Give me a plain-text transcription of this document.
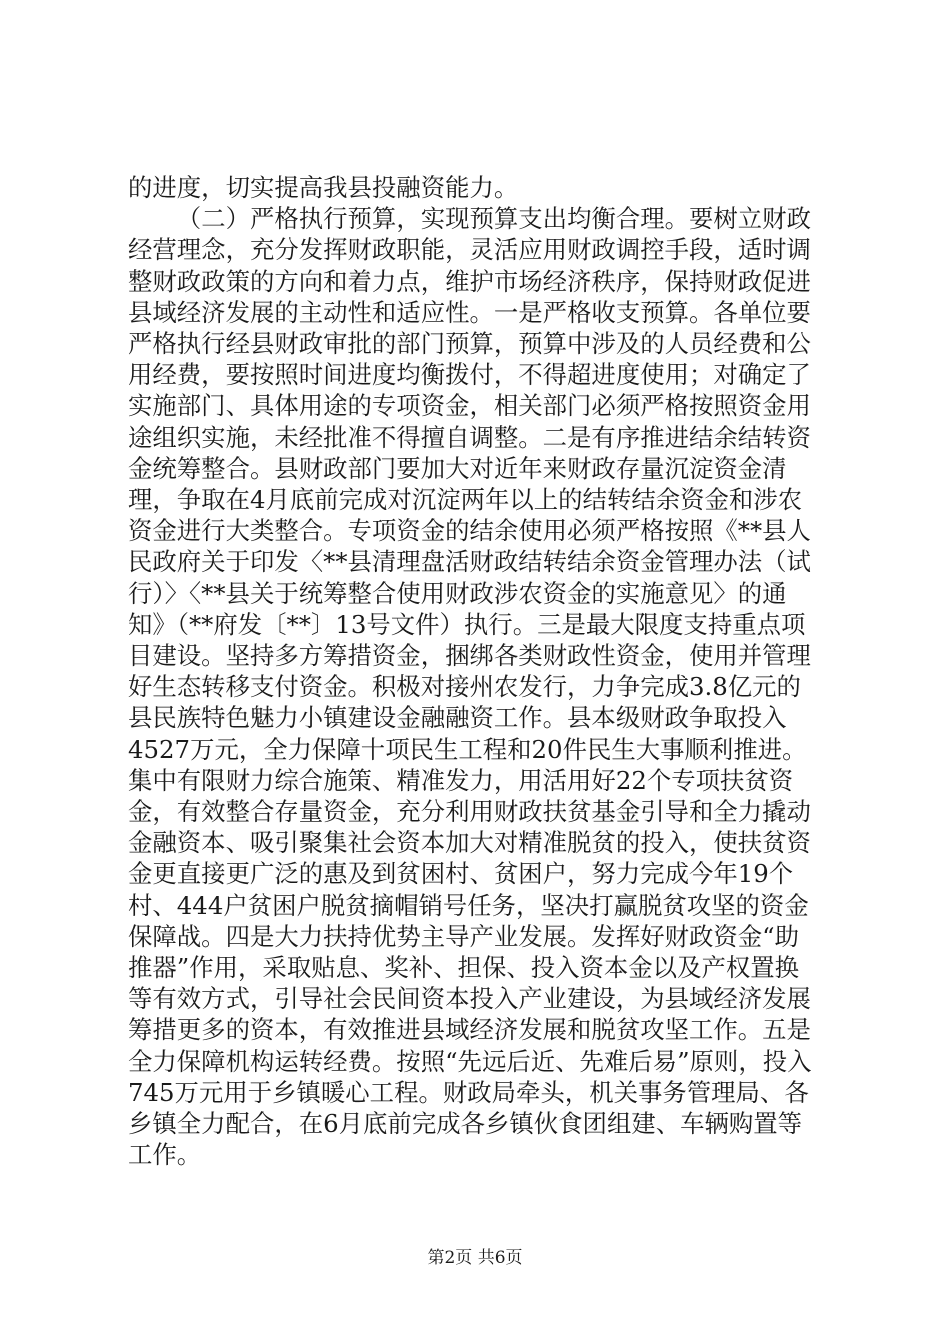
的进度，切实提高我县投融资能力。

（二）严格执行预算，实现预算支出均衡合理。要树立财政经营理念，充分发挥财政职能，灵活应用财政调控手段，适时调整财政政策的方向和着力点，维护市场经济秩序，保持财政促进县域经济发展的主动性和适应性。一是严格收支预算。各单位要严格执行经县财政审批的部门预算，预算中涉及的人员经费和公用经费，要按照时间进度均衡拨付，不得超进度使用；对确定了实施部门、具体用途的专项资金，相关部门必须严格按照资金用途组织实施，未经批准不得擅自调整。二是有序推进结余结转资金统筹整合。县财政部门要加大对近年来财政存量沉淀资金清理，争取在4月底前完成对沉淀两年以上的结转结余资金和涉农资金进行大类整合。专项资金的结余使用必须严格按照《**县人民政府关于印发〈**县清理盘活财政结转结余资金管理办法（试行）〉〈**县关于统筹整合使用财政涉农资金的实施意见〉的通知》（**府发〔**〕13号文件）执行。三是最大限度支持重点项目建设。坚持多方筹措资金，捆绑各类财政性资金，使用并管理好生态转移支付资金。积极对接州农发行，力争完成3.8亿元的县民族特色魅力小镇建设金融融资工作。县本级财政争取投入4527万元，全力保障十项民生工程和20件民生大事顺利推进。集中有限财力综合施策、精准发力，用活用好22个专项扶贫资金，有效整合存量资金，充分利用财政扶贫基金引导和全力撬动金融资本、吸引聚集社会资本加大对精准脱贫的投入，使扶贫资金更直接更广泛的惠及到贫困村、贫困户，努力完成今年19个村、444户贫困户脱贫摘帽销号任务，坚决打赢脱贫攻坚的资金保障战。四是大力扶持优势主导产业发展。发挥好财政资金“助推器”作用，采取贴息、奖补、担保、投入资本金以及产权置换等有效方式，引导社会民间资本投入产业建设，为县域经济发展筹措更多的资本，有效推进县域经济发展和脱贫攻坚工作。五是全力保障机构运转经费。按照“先远后近、先难后易”原则，投入745万元用于乡镇暖心工程。财政局牵头，机关事务管理局、各乡镇全力配合，在6月底前完成各乡镇伙食团组建、车辆购置等工作。

第2页 共6页
